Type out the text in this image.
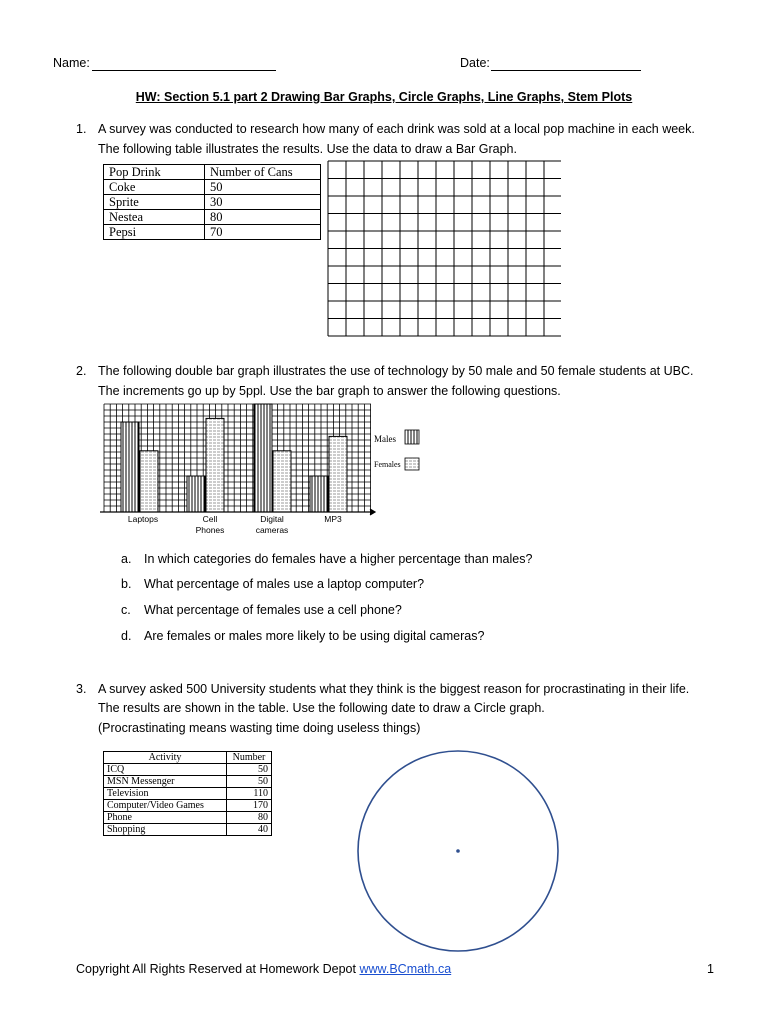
Name:	Date:
HW: Section 5.1 part 2 Drawing Bar Graphs, Circle Graphs, Line Graphs, Stem Plots
1. A survey was conducted to research how many of each drink was sold at a local pop machine in each week.
The following table illustrates the results. Use the data to draw a Bar Graph.
Pop Drink	Number of Cans
Coke	50
Sprite	30
Nestea	80
Pepsi	70
2. The following double bar graph illustrates the use of technology by 50 male and 50 female students at UBC.
The increments go up by 5ppl. Use the bar graph to answer the following questions.
Laptops	Cell
Phones
Digital
cameras
MP3
Males
Females
a. In which categories do females have a higher percentage than males?
b. What percentage of males use a laptop computer?
c. What percentage of females use a cell phone?
d. Are females or males more likely to be using digital cameras?
3. A survey asked 500 University students what they think is the biggest reason for procrastinating in their life.
The results are shown in the table. Use the following date to draw a Circle graph.
(Procrastinating means wasting time doing useless things)
Activity	Number
ICQ	50
MSN Messenger	50
Television	110
Computer/Video Games	170
Phone	80
Shopping	40
Copyright All Rights Reserved at Homework Depot www.BCmath.ca	1
